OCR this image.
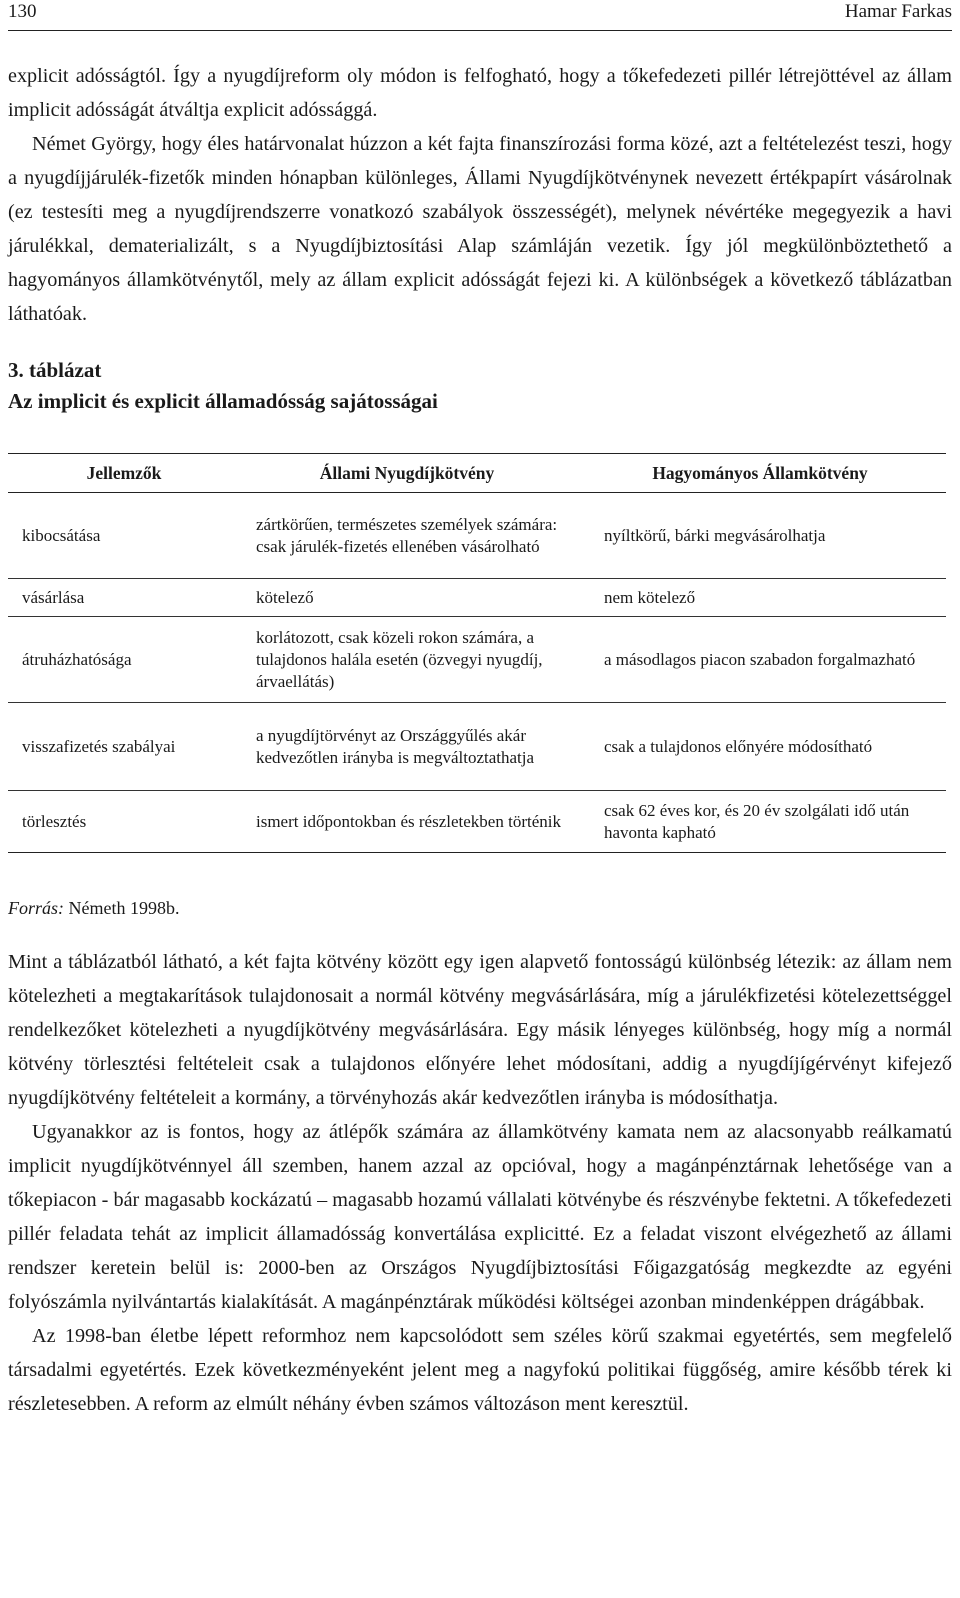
130	Hamar Farkas

explicit adósságtól. Így a nyugdíjreform oly módon is felfogható, hogy a tőkefedezeti pillér létrejöttével az állam implicit adósságát átváltja explicit adóssággá.

Német György, hogy éles határvonalat húzzon a két fajta finanszírozási forma közé, azt a feltételezést teszi, hogy a nyugdíjjárulék-fizetők minden hónapban különleges, Állami Nyugdíjkötvénynek nevezett értékpapírt vásárolnak (ez testesíti meg a nyugdíjrendszerre vonatkozó szabályok összességét), melynek névértéke megegyezik a havi járulékkal, dematerializált, s a Nyugdíjbiztosítási Alap számláján vezetik. Így jól megkülönböztethető a hagyományos államkötvénytől, mely az állam explicit adósságát fejezi ki. A különbségek a következő táblázatban láthatóak.

3. táblázat
Az implicit és explicit államadósság sajátosságai
Jellemzők	Állami Nyugdíjkötvény	Hagyományos Államkötvény
kibocsátása	zártkörűen, természetes személyek számára: csak járulék-fizetés ellenében vásárolható	nyíltkörű, bárki megvásárolhatja
vásárlása	kötelező	nem kötelező
átruházhatósága	korlátozott, csak közeli rokon számára, a tulajdonos halála esetén (özvegyi nyugdíj, árvaellátás)	a másodlagos piacon szabadon forgalmazható
visszafizetés szabályai	a nyugdíjtörvényt az Országgyűlés akár kedvezőtlen irányba is megváltoztathatja	csak a tulajdonos előnyére módosítható
törlesztés	ismert időpontokban és részletekben történik	csak 62 éves kor, és 20 év szolgálati idő után havonta kapható
Forrás: Németh 1998b.

Mint a táblázatból látható, a két fajta kötvény között egy igen alapvető fontosságú különbség létezik: az állam nem kötelezheti a megtakarítások tulajdonosait a normál kötvény megvásárlására, míg a járulékfizetési kötelezettséggel rendelkezőket kötelezheti a nyugdíjkötvény megvásárlására. Egy másik lényeges különbség, hogy míg a normál kötvény törlesztési feltételeit csak a tulajdonos előnyére lehet módosítani, addig a nyugdíjígérvényt kifejező nyugdíjkötvény feltételeit a kormány, a törvényhozás akár kedvezőtlen irányba is módosíthatja.

Ugyanakkor az is fontos, hogy az átlépők számára az államkötvény kamata nem az alacsonyabb reálkamatú implicit nyugdíjkötvénnyel áll szemben, hanem azzal az opcióval, hogy a magánpénztárnak lehetősége van a tőkepiacon - bár magasabb kockázatú – magasabb hozamú vállalati kötvénybe és részvénybe fektetni. A tőkefedezeti pillér feladata tehát az implicit államadósság konvertálása explicitté. Ez a feladat viszont elvégezhető az állami rendszer keretein belül is: 2000-ben az Országos Nyugdíjbiztosítási Főigazgatóság megkezdte az egyéni folyószámla nyilvántartás kialakítását. A magánpénztárak működési költségei azonban mindenképpen drágábbak.

Az 1998-ban életbe lépett reformhoz nem kapcsolódott sem széles körű szakmai egyetértés, sem megfelelő társadalmi egyetértés. Ezek következményeként jelent meg a nagyfokú politikai függőség, amire később térek ki részletesebben. A reform az elmúlt néhány évben számos változáson ment keresztül.
